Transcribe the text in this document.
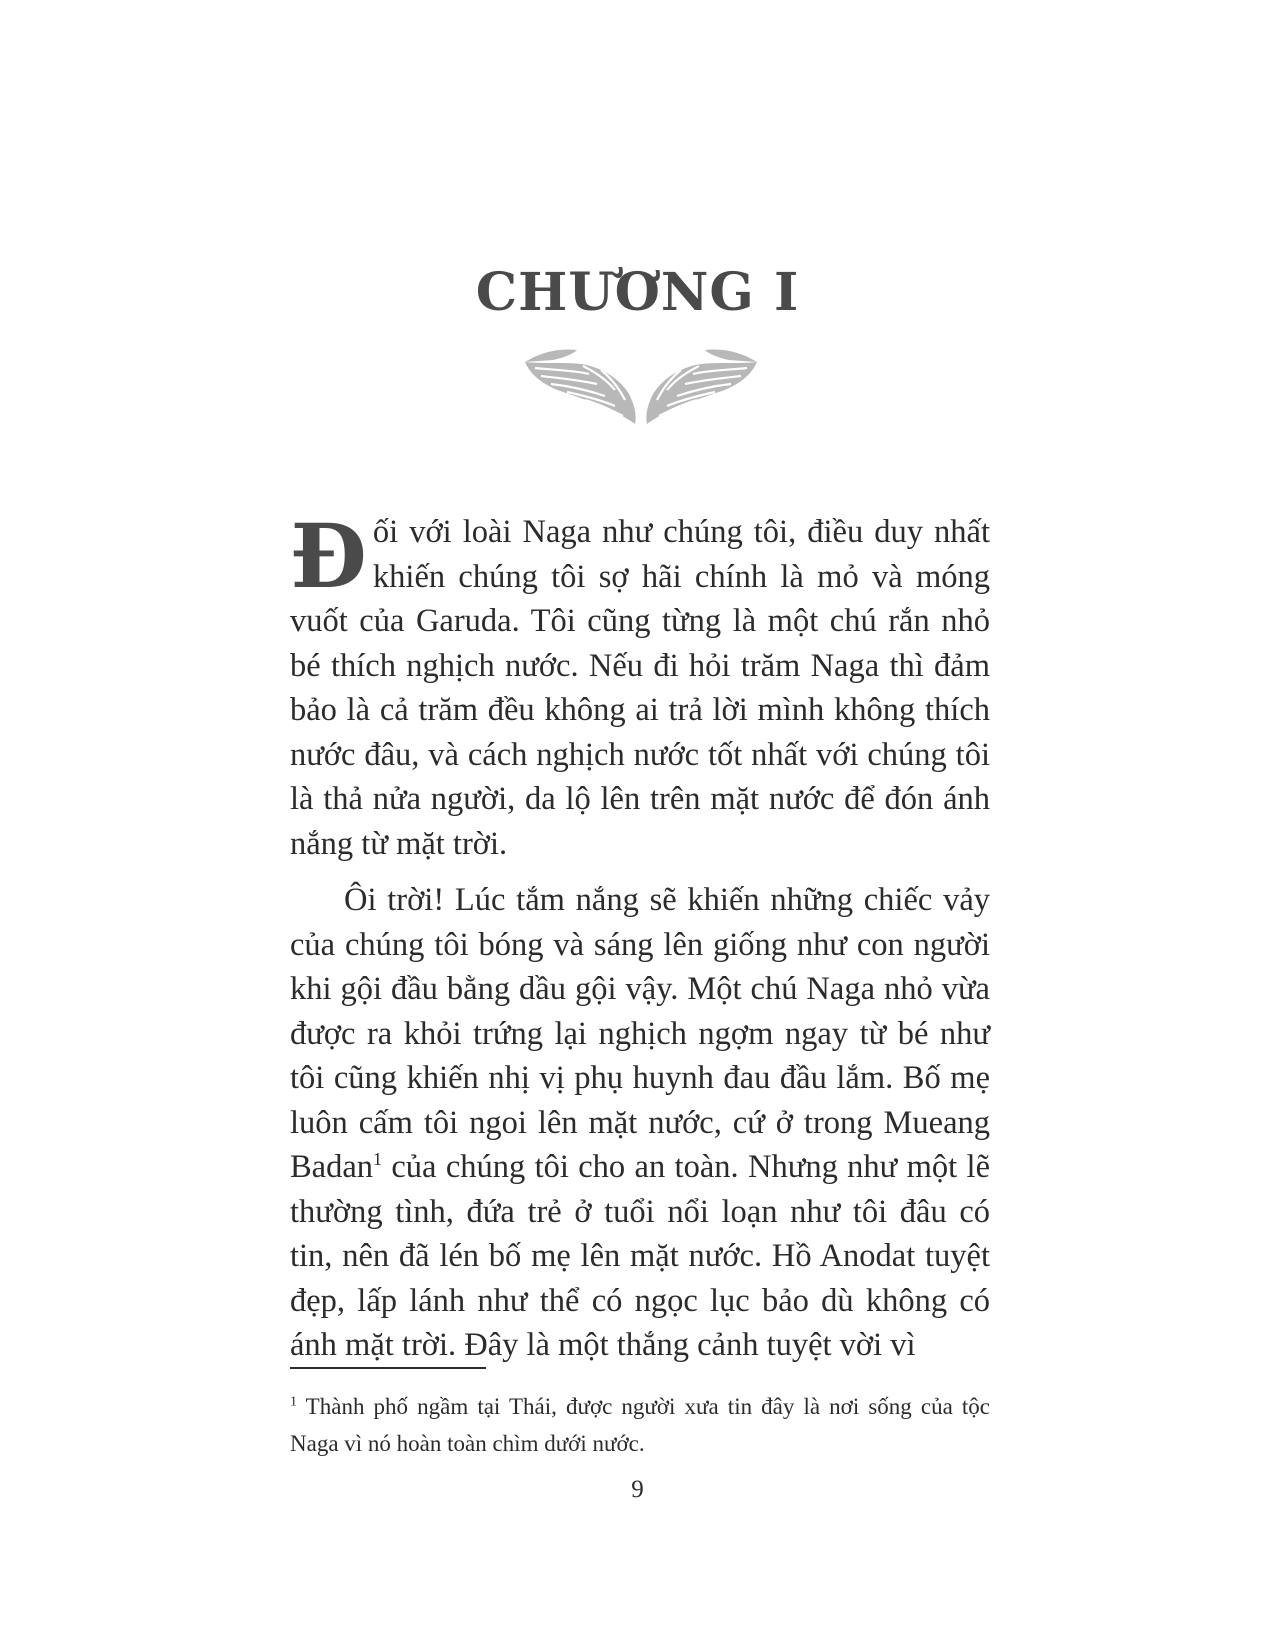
CHƯƠNG I

Đối với loài Naga như chúng tôi, điều duy nhất khiến chúng tôi sợ hãi chính là mỏ và móng vuốt của Garuda. Tôi cũng từng là một chú rắn nhỏ bé thích nghịch nước. Nếu đi hỏi trăm Naga thì đảm bảo là cả trăm đều không ai trả lời mình không thích nước đâu, và cách nghịch nước tốt nhất với chúng tôi là thả nửa người, da lộ lên trên mặt nước để đón ánh nắng từ mặt trời.

Ôi trời! Lúc tắm nắng sẽ khiến những chiếc vảy của chúng tôi bóng và sáng lên giống như con người khi gội đầu bằng dầu gội vậy. Một chú Naga nhỏ vừa được ra khỏi trứng lại nghịch ngợm ngay từ bé như tôi cũng khiến nhị vị phụ huynh đau đầu lắm. Bố mẹ luôn cấm tôi ngoi lên mặt nước, cứ ở trong Mueang Badan$^1$ của chúng tôi cho an toàn. Nhưng như một lẽ thường tình, đứa trẻ ở tuổi nổi loạn như tôi đâu có tin, nên đã lén bố mẹ lên mặt nước. Hồ Anodat tuyệt đẹp, lấp lánh như thể có ngọc lục bảo dù không có ánh mặt trời. Đây là một thắng cảnh tuyệt vời vì

$^1$ Thành phố ngầm tại Thái, được người xưa tin đây là nơi sống của tộc Naga vì nó hoàn toàn chìm dưới nước.
9
